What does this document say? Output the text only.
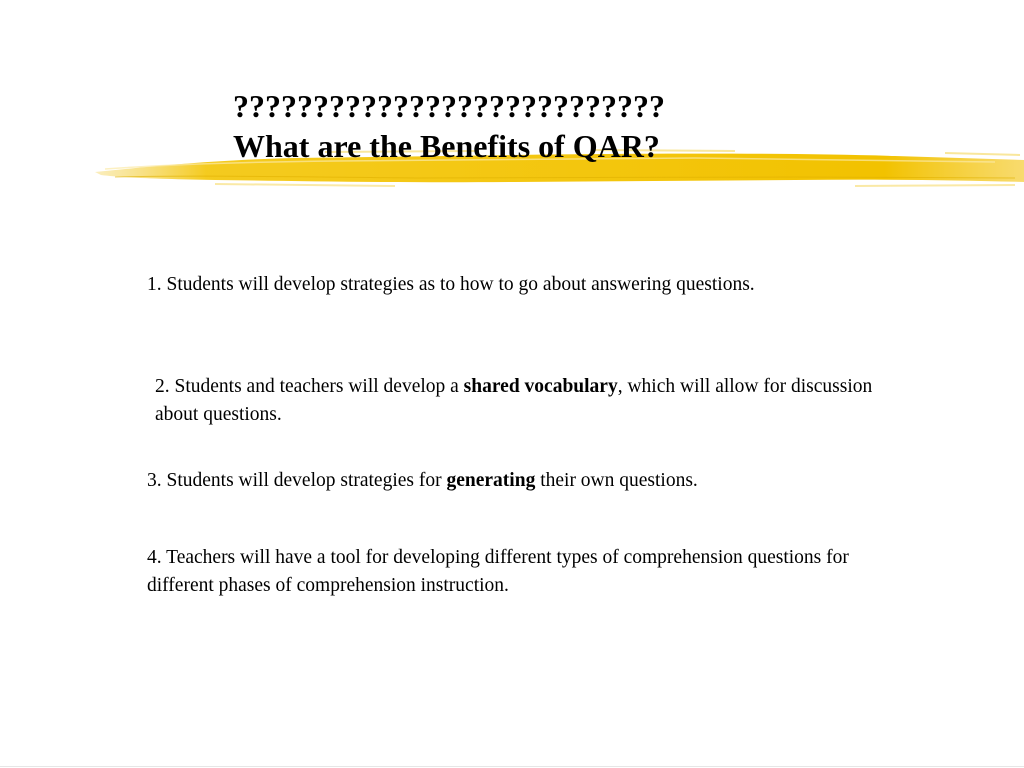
???????????????????????????
What are the Benefits of QAR?
1. Students will develop strategies as to how to go about answering questions.
2. Students and teachers will develop a shared vocabulary, which will allow for discussion about questions.
3. Students will develop strategies for generating their own questions.
4. Teachers will have a tool for developing different types of comprehension questions for different phases of comprehension instruction.
